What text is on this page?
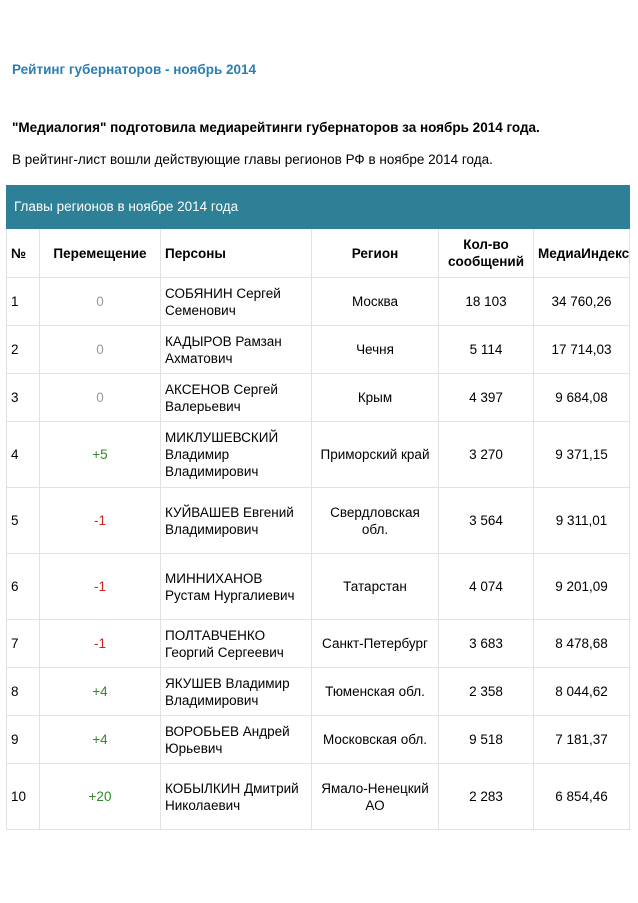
Рейтинг губернаторов - ноябрь 2014
"Медиалогия" подготовила медиарейтинги губернаторов за ноябрь 2014 года.
В рейтинг-лист вошли действующие главы регионов РФ в ноябре 2014 года.
Главы регионов в ноябре 2014 года
№	Перемещение	Персоны	Регион	Кол-во сообщений	МедиаИндекс
1	0	СОБЯНИН Сергей Семенович	Москва	18 103	34 760,26
2	0	КАДЫРОВ Рамзан Ахматович	Чечня	5 114	17 714,03
3	0	АКСЕНОВ Сергей Валерьевич	Крым	4 397	9 684,08
4	+5	МИКЛУШЕВСКИЙ Владимир Владимирович	Приморский край	3 270	9 371,15
5	-1	КУЙВАШЕВ Евгений Владимирович	Свердловская обл.	3 564	9 311,01
6	-1	МИННИХАНОВ Рустам Нургалиевич	Татарстан	4 074	9 201,09
7	-1	ПОЛТАВЧЕНКО Георгий Сергеевич	Санкт-Петербург	3 683	8 478,68
8	+4	ЯКУШЕВ Владимир Владимирович	Тюменская обл.	2 358	8 044,62
9	+4	ВОРОБЬЕВ Андрей Юрьевич	Московская обл.	9 518	7 181,37
10	+20	КОБЫЛКИН Дмитрий Николаевич	Ямало-Ненецкий АО	2 283	6 854,46
